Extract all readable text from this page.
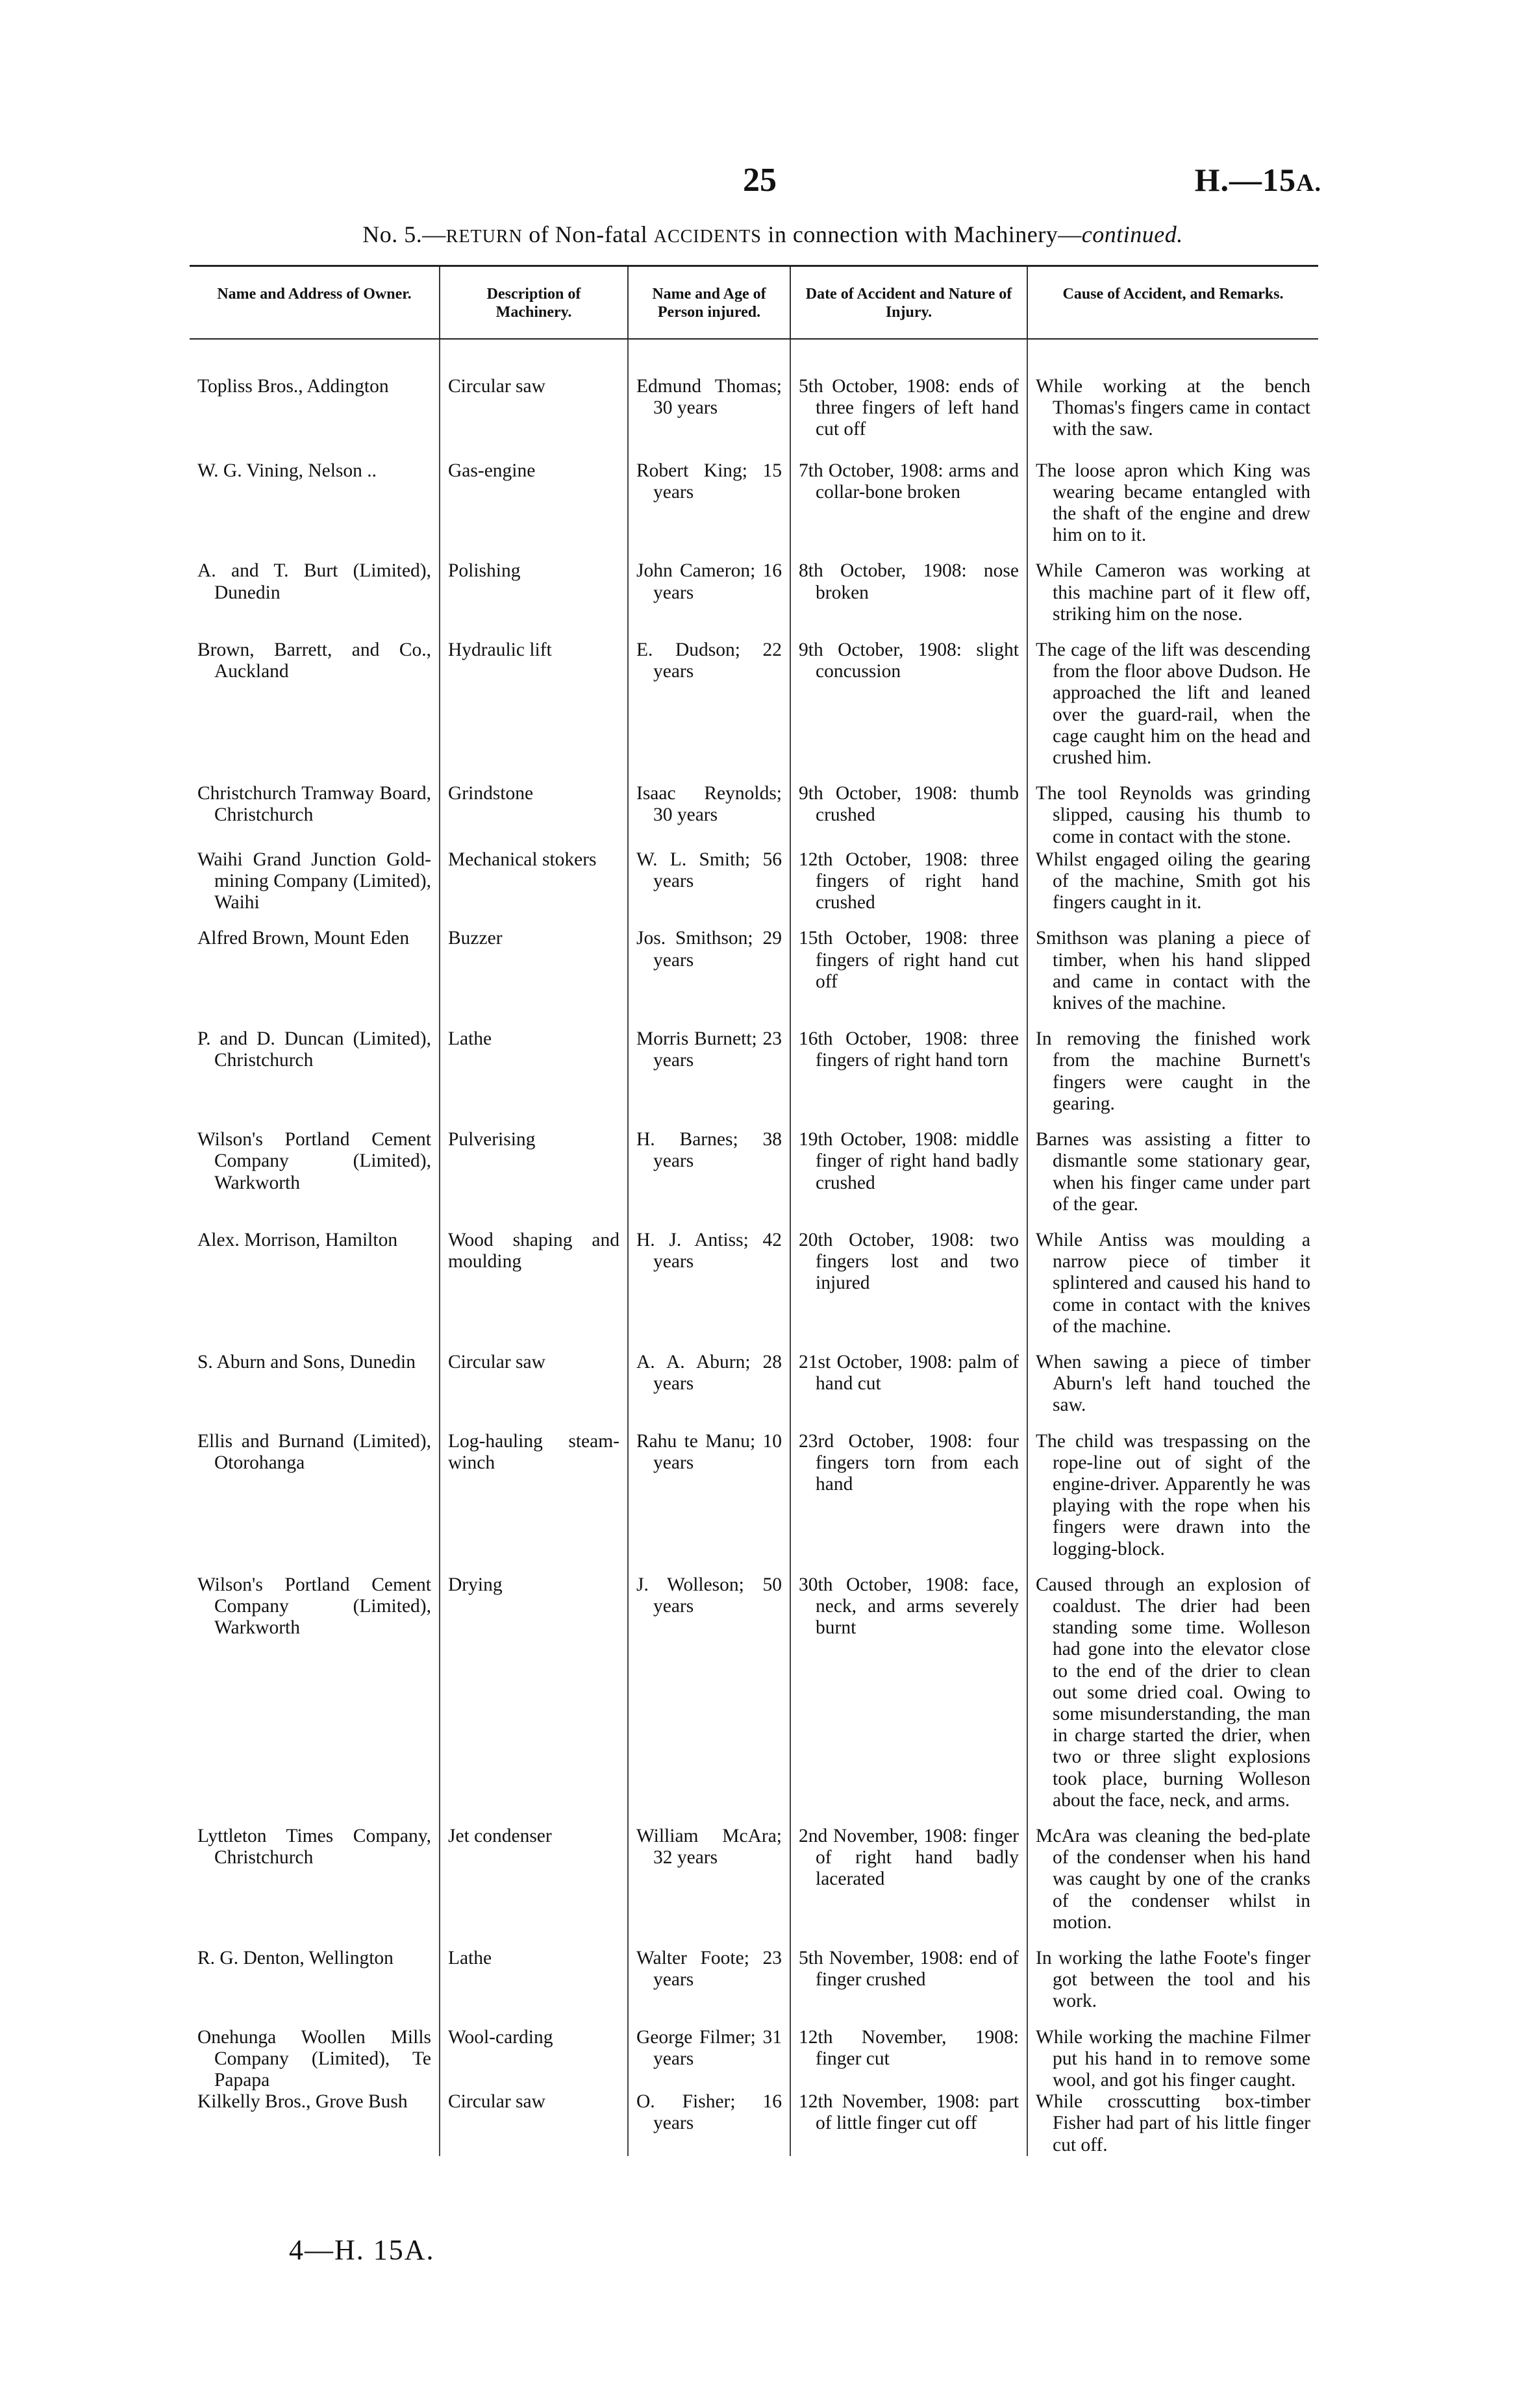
25	H.—15A.
No. 5.—RETURN of Non-fatal ACCIDENTS in connection with Machinery—continued.
Name and Address of Owner.	Description of Machinery.	Name and Age of Person injured.	Date of Accident and Nature of Injury.	Cause of Accident, and Remarks.
Topliss Bros., Addington	Circular saw	Edmund Thomas; 30 years	5th October, 1908: ends of three fingers of left hand cut off	While working at the bench Thomas's fingers came in contact with the saw.
W. G. Vining, Nelson ..	Gas-engine	Robert King; 15 years	7th October, 1908: arms and collar-bone broken	The loose apron which King was wearing became entangled with the shaft of the engine and drew him on to it.
A. and T. Burt (Limited), Dunedin	Polishing	John Cameron; 16 years	8th October, 1908: nose broken	While Cameron was working at this machine part of it flew off, striking him on the nose.
Brown, Barrett, and Co., Auckland	Hydraulic lift	E. Dudson; 22 years	9th October, 1908: slight concussion	The cage of the lift was descending from the floor above Dudson. He approached the lift and leaned over the guard-rail, when the cage caught him on the head and crushed him.
Christchurch Tramway Board, Christchurch	Grindstone	Isaac Reynolds; 30 years	9th October, 1908: thumb crushed	The tool Reynolds was grinding slipped, causing his thumb to come in contact with the stone.
Waihi Grand Junction Gold-mining Company (Limited), Waihi	Mechanical stokers	W. L. Smith; 56 years	12th October, 1908: three fingers of right hand crushed	Whilst engaged oiling the gearing of the machine, Smith got his fingers caught in it.
Alfred Brown, Mount Eden	Buzzer	Jos. Smithson; 29 years	15th October, 1908: three fingers of right hand cut off	Smithson was planing a piece of timber, when his hand slipped and came in contact with the knives of the machine.
P. and D. Duncan (Limited), Christchurch	Lathe	Morris Burnett; 23 years	16th October, 1908: three fingers of right hand torn	In removing the finished work from the machine Burnett's fingers were caught in the gearing.
Wilson's Portland Cement Company (Limited), Warkworth	Pulverising	H. Barnes; 38 years	19th October, 1908: middle finger of right hand badly crushed	Barnes was assisting a fitter to dismantle some stationary gear, when his finger came under part of the gear.
Alex. Morrison, Hamilton	Wood shaping and moulding	H. J. Antiss; 42 years	20th October, 1908: two fingers lost and two injured	While Antiss was moulding a narrow piece of timber it splintered and caused his hand to come in contact with the knives of the machine.
S. Aburn and Sons, Dunedin	Circular saw	A. A. Aburn; 28 years	21st October, 1908: palm of hand cut	When sawing a piece of timber Aburn's left hand touched the saw.
Ellis and Burnand (Limited), Otorohanga	Log-hauling steam-winch	Rahu te Manu; 10 years	23rd October, 1908: four fingers torn from each hand	The child was trespassing on the rope-line out of sight of the engine-driver. Apparently he was playing with the rope when his fingers were drawn into the logging-block.
Wilson's Portland Cement Company (Limited), Warkworth	Drying	J. Wolleson; 50 years	30th October, 1908: face, neck, and arms severely burnt	Caused through an explosion of coaldust. The drier had been standing some time. Wolleson had gone into the elevator close to the end of the drier to clean out some dried coal. Owing to some misunderstanding, the man in charge started the drier, when two or three slight explosions took place, burning Wolleson about the face, neck, and arms.
Lyttleton Times Company, Christchurch	Jet condenser	William McAra; 32 years	2nd November, 1908: finger of right hand badly lacerated	McAra was cleaning the bed-plate of the condenser when his hand was caught by one of the cranks of the condenser whilst in motion.
R. G. Denton, Wellington	Lathe	Walter Foote; 23 years	5th November, 1908: end of finger crushed	In working the lathe Foote's finger got between the tool and his work.
Onehunga Woollen Mills Company (Limited), Te Papapa	Wool-carding	George Filmer; 31 years	12th November, 1908: finger cut	While working the machine Filmer put his hand in to remove some wool, and got his finger caught.
Kilkelly Bros., Grove Bush	Circular saw	O. Fisher; 16 years	12th November, 1908: part of little finger cut off	While crosscutting box-timber Fisher had part of his little finger cut off.
4—H. 15A.
